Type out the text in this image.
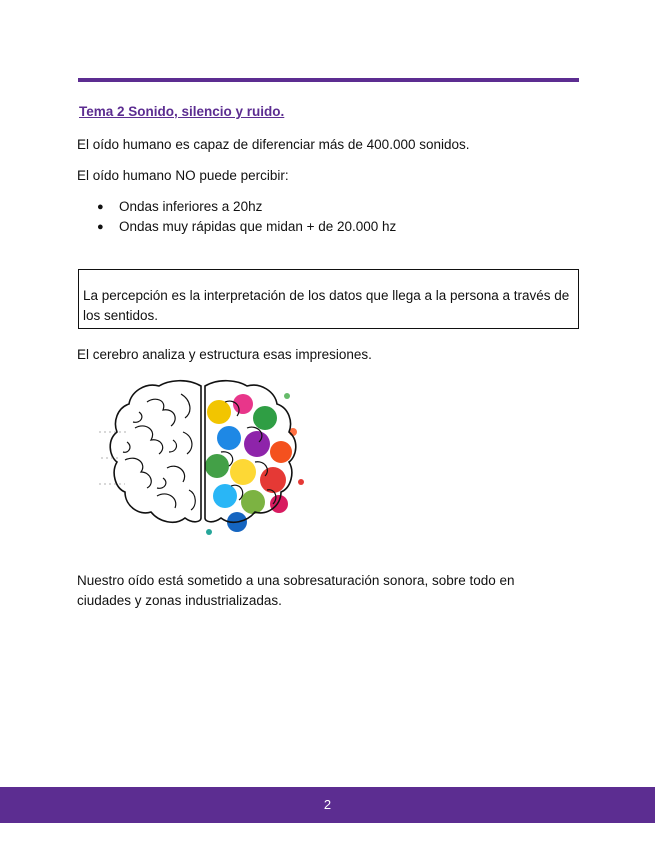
Tema 2 Sonido, silencio y ruido.
El oído humano es capaz de diferenciar más de 400.000 sonidos.
El oído humano NO puede percibir:
● Ondas inferiores a 20hz
● Ondas muy rápidas que midan + de 20.000 hz
El cerebro analiza y estructura esas impresiones.
Nuestro oído está sometido a una sobresaturación sonora, sobre todo en
ciudades y zonas industrializadas.
La percepción es la interpretación de los datos que llega a la persona a través de los sentidos.
2
